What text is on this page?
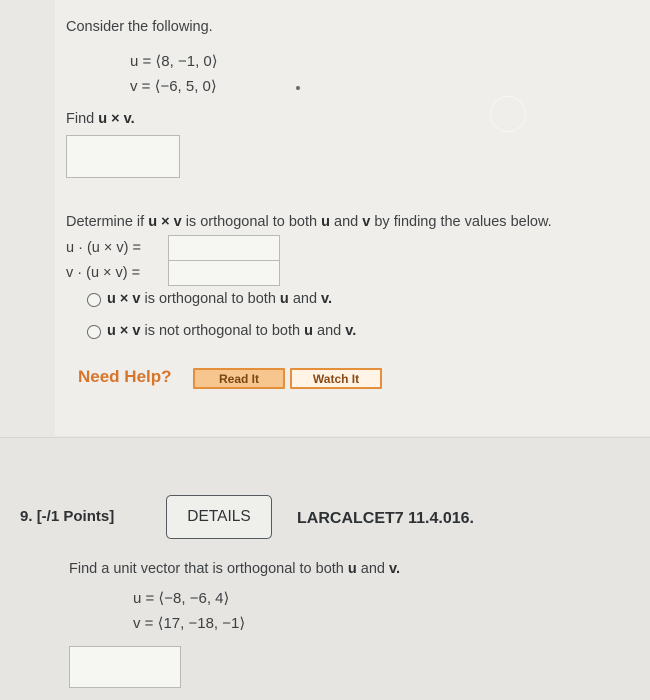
Consider the following.
u = ⟨8, −1, 0⟩
v = ⟨−6, 5, 0⟩
Find u × v.
Determine if u × v is orthogonal to both u and v by finding the values below.
u · (u × v) =
v · (u × v) =
u × v is orthogonal to both u and v.
u × v is not orthogonal to both u and v.
Need Help?	Read It	Watch It
9. [-/1 Points]	DETAILS	LARCALCET7 11.4.016.
Find a unit vector that is orthogonal to both u and v.
u = ⟨−8, −6, 4⟩
v = ⟨17, −18, −1⟩
